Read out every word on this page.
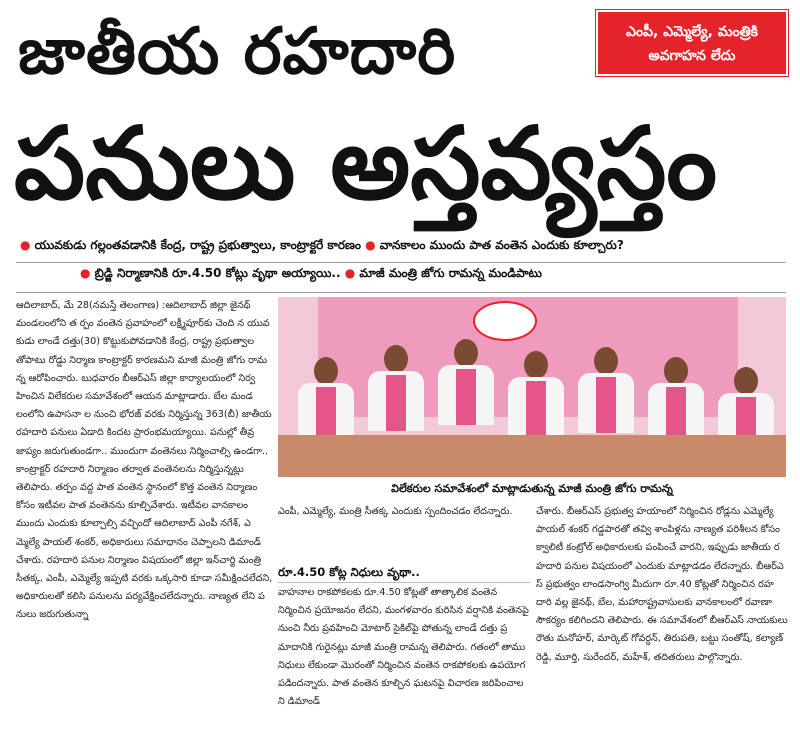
జాతీయ రహదారి
పనులు అస్తవ్యస్తం
ఎంపీ, ఎమ్మెల్యే, మంత్రికి
అవగాహన లేదు
● యువకుడు గల్లంతవడానికి కేంద్ర, రాష్ట్ర ప్రభుత్వాలు, కాంట్రాక్టరే కారణం ● వానకాలం ముందు పాత వంతెన ఎందుకు కూల్చారు?
● బ్రిడ్జి నిర్మాణానికి రూ.4.50 కోట్లు వృథా అయ్యాయి.. ● మాజీ మంత్రి జోగు రామన్న మండిపాటు
ఆదిలాబాద్, మే 28(నమస్తే తెలంగాణ) :ఆదిలాబాద్ జిల్లా జైనథ్ మండలంలోని త ర్పం వంతెన ప్రవాహంలో లక్ష్మీపూర్‌కు చెంది న యువకుడు లాండే దత్తు(30) కొట్టుకుపోవడానికి కేంద్ర, రాష్ట్ర ప్రభుత్వాలతోపాటు రోడ్డు నిర్మాణ కాంట్రాక్టర్ కారణమని మాజీ మంత్రి జోగు రామన్న ఆరోపించారు. బుధవారం బీఆర్ఎస్ జిల్లా కార్యాలయంలో నిర్వహించిన విలేకరుల సమావేశంలో ఆయన మాట్లాడారు. బేల మండలంలోని ఉపాసనా ల నుంచి భోరజ్ వరకు నిర్మిస్తున్న 363(బీ) జాతీయ రహదారి పనులు ఏడాది కిందట ప్రారంభమయ్యాయి. పనుల్లో తీవ్ర జాప్యం జరుగుతుండగా.. ముందుగా వంతెనలు నిర్మించాల్సి ఉండగా.. కాంట్రాక్టర్ రహదారి నిర్మాణం తర్వాత వంతెనలను నిర్మిస్తున్నట్లు తెలిపారు. తర్పం వద్ద పాత వంతెన స్థానంలో కొత్త వంతెన నిర్మాణం కోసం ఇటీవల పాత వంతెనను కూల్చివేశారు. ఇటీవల వానకాలం ముందు ఎందుకు కూల్చాల్సి వచ్చిందో ఆదిలాబాద్ ఎంపీ నగేశ్, ఎమ్మెల్యే పాయల్ శంకర్, అధికారులు సమాధానం చెప్పాలని డిమాండ్ చేశారు. రహదారి పనుల నిర్మాణం విషయంలో జిల్లా ఇన్‌చార్జి మంత్రి సీతక్క, ఎంపీ, ఎమ్మెల్యే ఇప్పటి వరకు ఒక్కసారి కూడా సమీక్షించలేదని, అధికారులతో కలిసి పనులను పర్యవేక్షించలేదన్నారు. నాణ్యత లేని ప నులు జరుగుతున్నా
విలేకరుల సమావేశంలో మాట్లాడుతున్న మాజీ మంత్రి జోగు రామన్న
ఎంపీ, ఎమ్మెల్యే, మంత్రి సీతక్క ఎందుకు స్పందించడం లేదన్నారు.
రూ.4.50 కోట్ల నిధులు వృథా..
వాహనాల రాకపోకలకు రూ.4.50 కోట్లతో తాత్కాలిక వంతెన నిర్మించిన ప్రయోజనం లేదని, మంగళవారం కురిసిన వర్షానికి వంతెనపై నుంచి నీరు ప్రవహించి మోటార్ సైకిల్‌పై పోతున్న లాండే దత్తు ప్రమాదానికి గురైనట్లు మాజీ మంత్రి రామన్న తెలిపారు. గతంలో తాము నిధులు లేకుండా మొరంతో నిర్మించిన వంతెన రాకపోకలకు ఉపయోగపడిందన్నారు. పాత వంతెన కూల్చిన ఘటనపై విచారణ జరిపించాలని డిమాండ్
చేశారు. బీఆర్ఎస్ ప్రభుత్వ హయాంలో నిర్మించిన రోడ్లను ఎమ్మెల్యే పాయల్ శంకర్ గడ్డపారతో తవ్వి శాంపిళ్లను నాణ్యత పరిశీలన కోసం క్వాలిటీ కంట్రోల్ అధికారులకు పంపించే వారని, ఇప్పుడు జాతీయ రహదారి పనుల విషయంలో ఎందుకు మాట్లాడడం లేదన్నారు. బీఆర్ఎస్ ప్రభుత్వం లాండసాంగ్వి మీదుగా రూ.40 కోట్లతో నిర్మించిన రహదారి వల్ల జైనథ్, బేల, మహారాష్ట్రవాసులకు వానకాలంలో రవాణా సౌకర్యం కలిగిందని తెలిపారు. ఈ సమావేశంలో బీఆర్ఎస్ నాయకులు రౌతు మనోహర్, మార్కెట్ గోవర్ధన్, తిరుపతి, బట్టు సంతోష్, కల్యాణ్ రెడ్డి, మూర్తి, సురేందర్, మహేశ్, తదితరులు పాల్గొన్నారు.
